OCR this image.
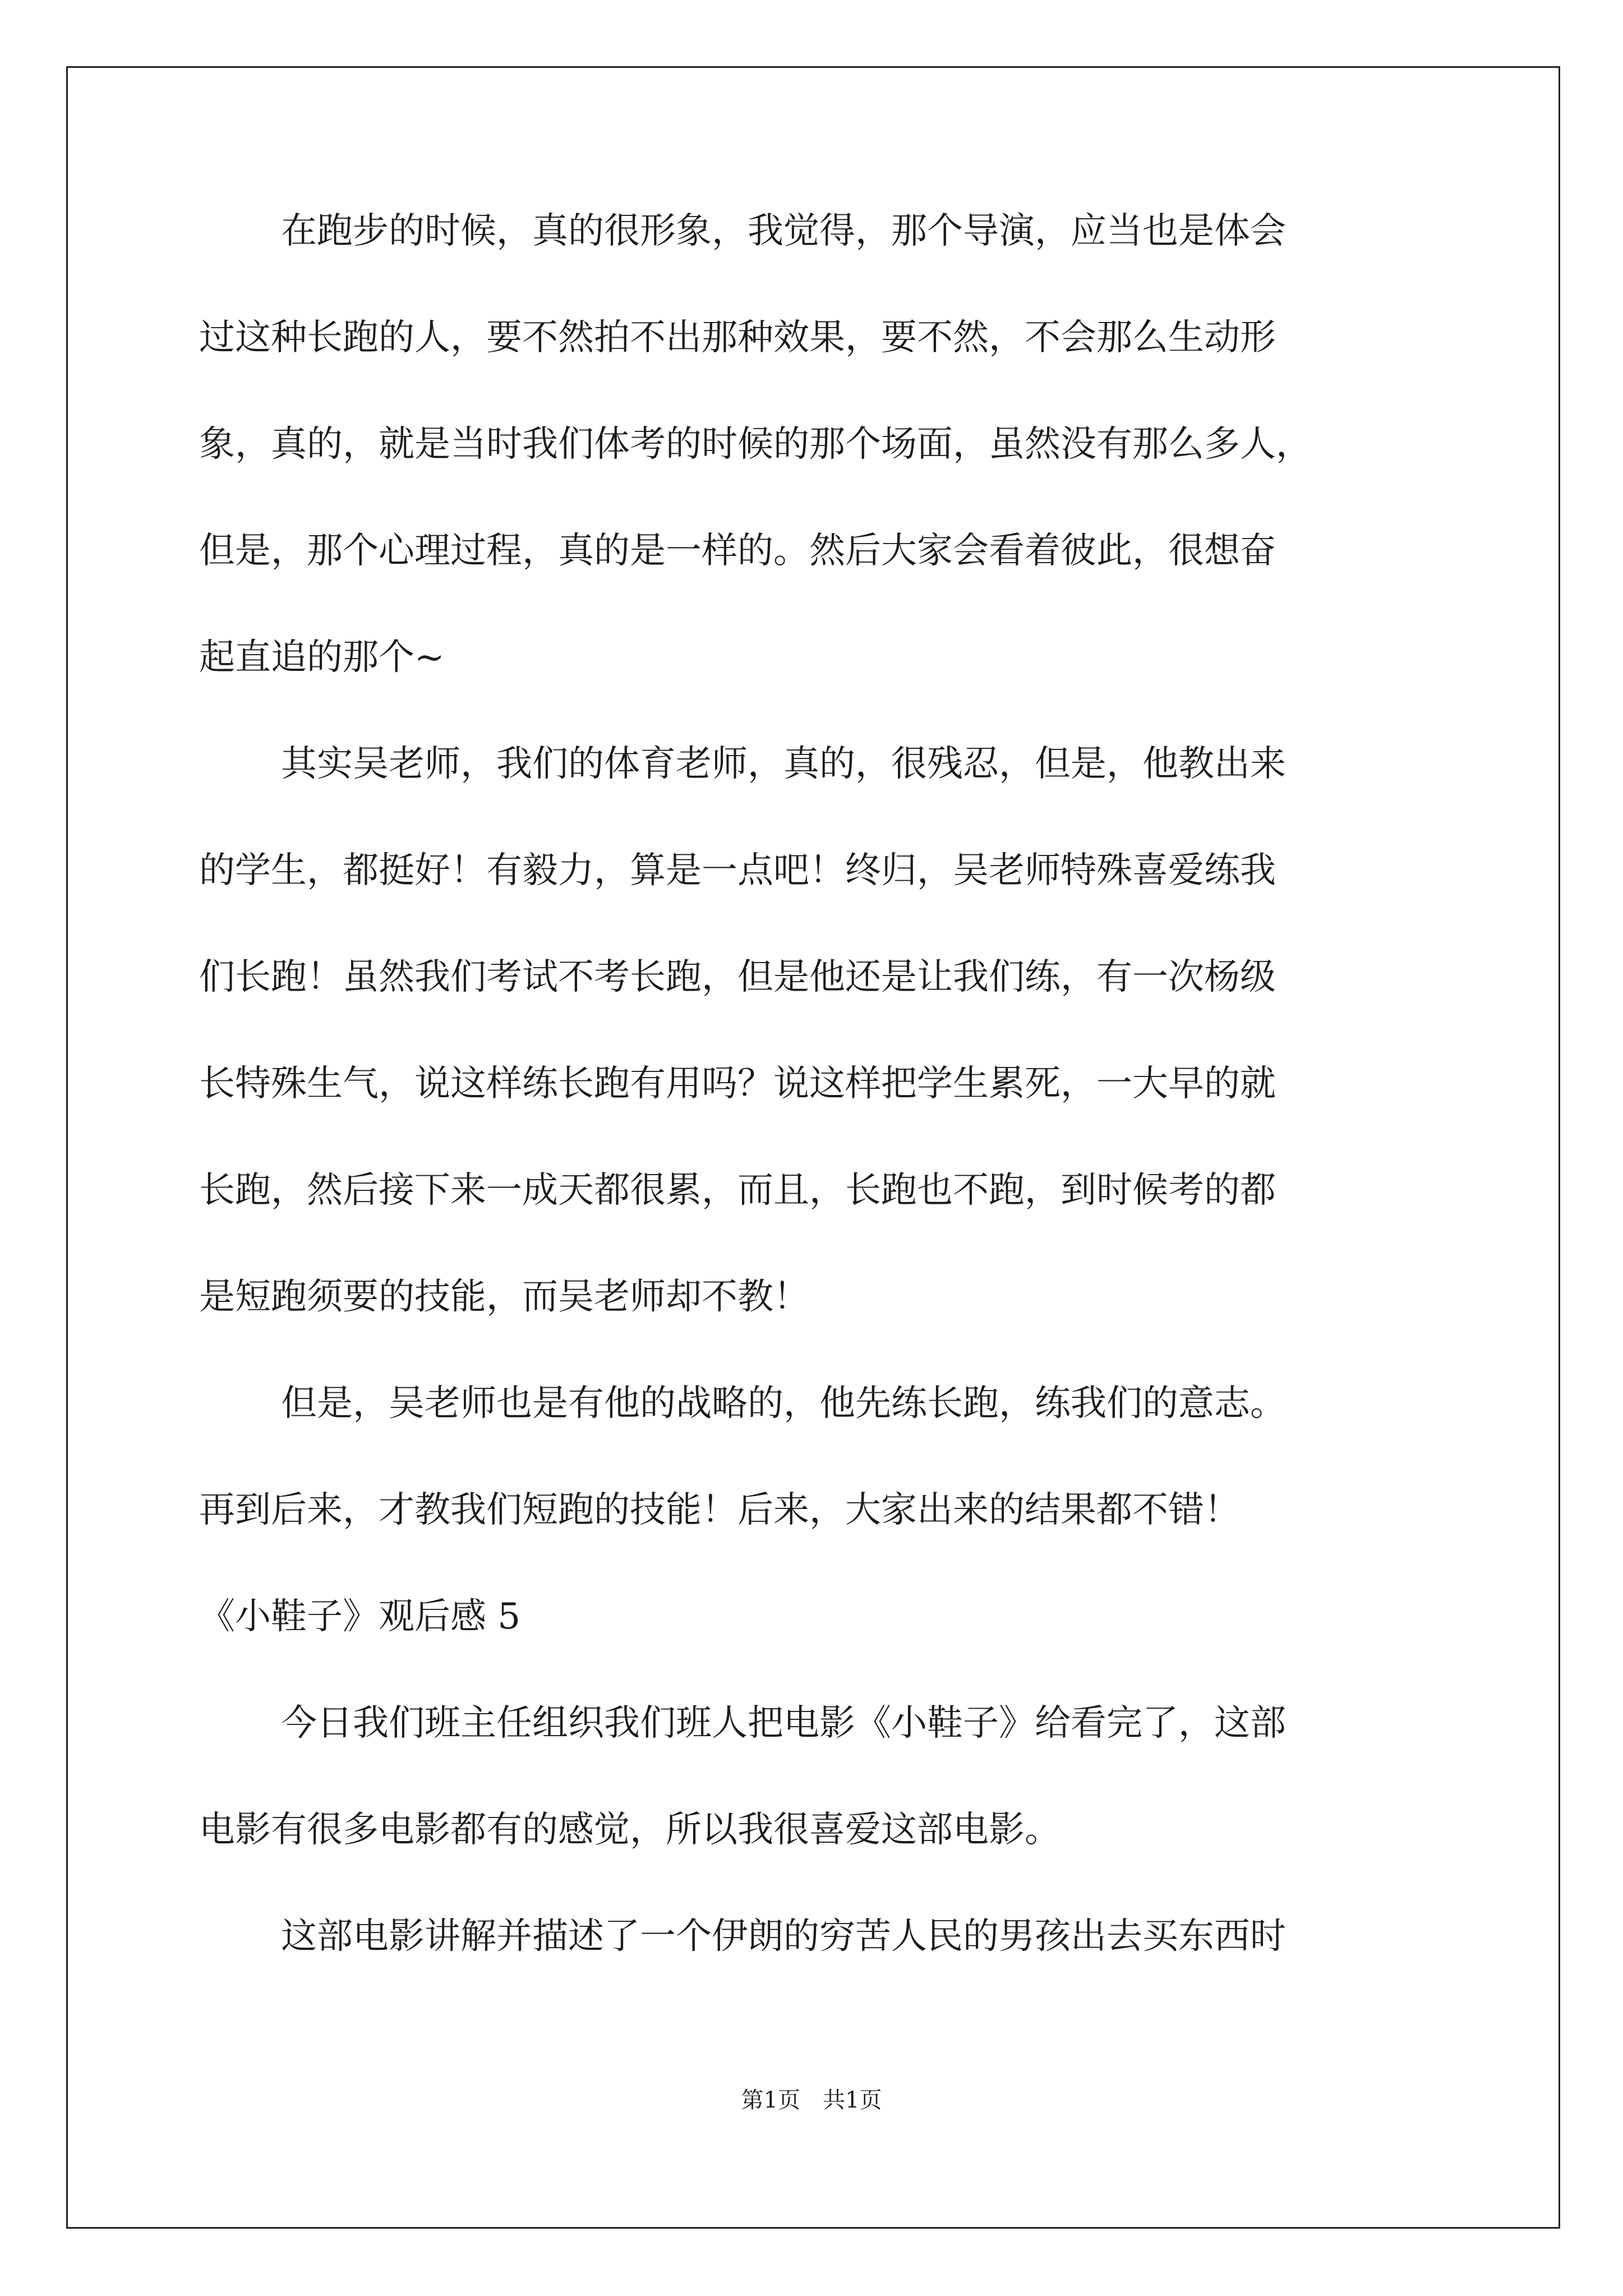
在跑步的时候，真的很形象，我觉得，那个导演，应当也是体会
过这种长跑的人，要不然拍不出那种效果，要不然，不会那么生动形
象，真的，就是当时我们体考的时候的那个场面，虽然没有那么多人，
但是，那个心理过程，真的是一样的。然后大家会看着彼此，很想奋
起直追的那个~
其实吴老师，我们的体育老师，真的，很残忍，但是，他教出来
的学生，都挺好！有毅力，算是一点吧！终归，吴老师特殊喜爱练我
们长跑！虽然我们考试不考长跑，但是他还是让我们练，有一次杨级
长特殊生气，说这样练长跑有用吗？说这样把学生累死，一大早的就
长跑，然后接下来一成天都很累，而且，长跑也不跑，到时候考的都
是短跑须要的技能，而吴老师却不教！
但是，吴老师也是有他的战略的，他先练长跑，练我们的意志。
再到后来，才教我们短跑的技能！后来，大家出来的结果都不错！
《小鞋子》观后感 5
今日我们班主任组织我们班人把电影《小鞋子》给看完了，这部
电影有很多电影都有的感觉，所以我很喜爱这部电影。
这部电影讲解并描述了一个伊朗的穷苦人民的男孩出去买东西时
第1页　共1页
